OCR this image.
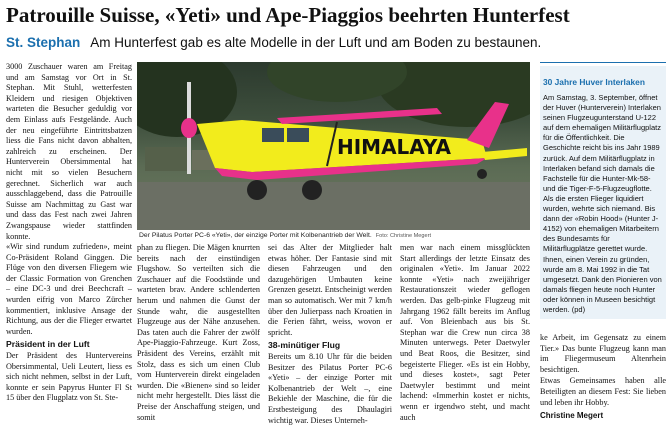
Patrouille Suisse, «Yeti» und Ape-Piaggios beehrten Hunterfest
St. Stephan Am Hunterfest gab es alte Modelle in der Luft und am Boden zu bestaunen.

3000 Zuschauer waren am Freitag und am Samstag vor Ort in St. Stephan. Mit Stuhl, wetterfesten Kleidern und riesigen Objektiven warteten die Besucher geduldig vor dem Einlass aufs Festgelände. Auch der neu eingeführte Eintrittsbatzen liess die Fans nicht davon abhalten, zahlreich zu erscheinen. Der Hunterverein Obersimmental hat nicht mit so vielen Besuchern gerechnet. Sicherlich war auch ausschlaggebend, dass die Patrouille Suisse am Nachmittag zu Gast war und dass das Fest nach zwei Jahren Zwangspause wieder stattfinden konnte.

«Wir sind rundum zufrieden», meint Co-Präsident Roland Ginggen. Die Flüge von den diversen Fliegern wie der Classic Formation von Grenchen – eine DC-3 und drei Beechcraft – wurden eifrig von Marco Zürcher kommentiert, inklusive Ansage der Richtung, aus der die Flieger erwartet wurden.

Präsident in der Luft

Der Präsident des Huntervereins Obersimmental, Ueli Leutert, liess es sich nicht nehmen, selbst in der Luft, konnte er sein Papyrus Hunter Fl St 15 über den Flugplatz von St. Ste-

HIMALAYA
Der Pilatus Porter PC-6 «Yeti», der einzige Porter mit Kolbenantrieb der Welt. Foto: Christine Megert

phan zu fliegen. Die Mägen knurrten bereits nach der einstündigen Flugshow. So verteilten sich die Zuschauer auf die Foodstände und warteten brav. Andere schlenderten herum und nahmen die Gunst der Stunde wahr, die ausgestellten Flugzeuge aus der Nähe anzusehen. Das taten auch die Fahrer der zwölf Ape-Piaggio-Fahrzeuge. Kurt Zoss, Präsident des Vereins, erzählt mit Stolz, dass es sich um einen Club vom Hunterverein direkt eingeladen wurden. Die «Bienen» sind so leider nicht mehr hergestellt. Dies lässt die Preise der Anschaffung steigen, und somit

sei das Alter der Mitglieder halt etwas höher. Der Fantasie sind mit diesen Fahrzeugen und den dazugehörigen Umbauten keine Grenzen gesetzt. Entscheinigt werden man so automatisch. Wer mit 7 km/h über den Julierpass nach Kroatien in die Ferien fährt, weiss, wovon er spricht.

38-minütiger Flug

Bereits um 8.10 Uhr für die beiden Besitzer des Pilatus Porter PC-6 «Yeti» – der einzige Porter mit Kolbenantrieb der Welt –, eine Bekiehle der Maschine, die für die Erstbesteigung des Dhaulagiri wichtig war. Dieses Unterneh-

men war nach einem missglückten Start allerdings der letzte Einsatz des originalen «Yeti». Im Januar 2022 konnte «Yeti» nach zweijähriger Restaurationszeit wieder geflogen werden. Das gelb-pinke Flugzeug mit Jahrgang 1962 fällt bereits im Anflug auf. Von Bleienbach aus bis St. Stephan war die Crew nun circa 38 Minuten unterwegs. Peter Daetwyler und Beat Roos, die Besitzer, sind begeisterte Flieger. «Es ist ein Hobby, und dieses kostet», sagt Peter Daetwyler bestimmt und meint lachend: «Immerhin kostet er nichts, wenn er irgendwo steht, und macht auch

30 Jahre Huver Interlaken
Am Samstag, 3. September, öffnet der Huver (Hunterverein) Interlaken seinen Flugzeugunterstand U-122 auf dem ehemaligen Militärflugplatz für die Öffentlichkeit. Die Geschichte reicht bis ins Jahr 1989 zurück. Auf dem Militärflugplatz in Interlaken befand sich damals die Fachstelle für die Hunter-Mk-58- und die Tiger-F-5-Flugzeugflotte. Als die ersten Flieger liquidiert wurden, wehrte sich niemand. Bis dann der «Robin Hood» (Hunter J-4152) von ehemaligen Mitarbeitern des Bundesamts für Militärflugplätze gerettet wurde. Ihnen, einen Verein zu gründen, wurde am 8. Mai 1992 in die Tat umgesetzt. Dank den Pionieren von damals fliegen heute noch Hunter oder können in Museen besichtigt werden. (pd)

ke Arbeit, im Gegensatz zu einem Tier.» Das bunte Flugzeug kann man im Fliegermuseum Altenrhein besichtigen.

Etwas Gemeinsames haben alle Beteiligten an diesem Fest: Sie lieben und leben ihr Hobby.

Christine Megert
